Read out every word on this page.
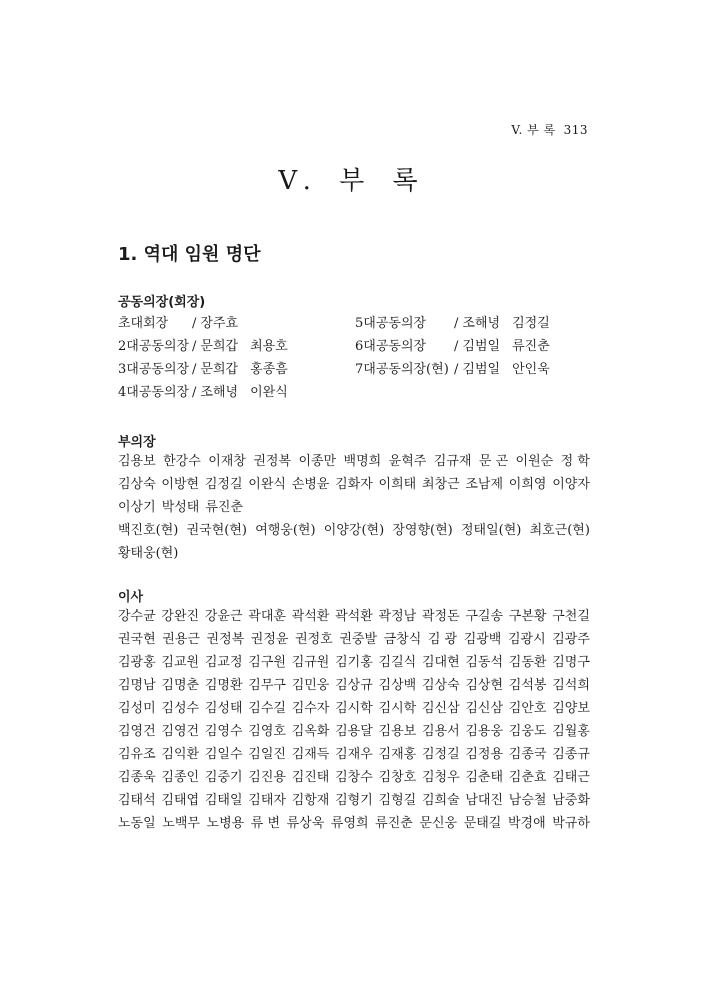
V. 부 록 313
V. 부 록
1. 역대 임원 명단
공동의장(회장)
초대회장 / 장주효
2대공동의장 / 문희갑 최용호
3대공동의장 / 문희갑 홍종흠
4대공동의장 / 조해녕 이완식
5대공동의장 / 조해녕 김정길
6대공동의장 / 김범일 류진춘
7대공동의장(현) / 김범일 안인욱
부의장
김용보 한강수 이재창 권정복 이종만 백명희 윤혁주 김규재 문 곤 이원순 정 학
김상숙 이방현 김정길 이완식 손병윤 김화자 이희태 최창근 조남제 이희영 이양자
이상기 박성태 류진춘
백진호(현) 권국현(현) 여행웅(현) 이양강(현) 장영향(현) 정태일(현) 최호근(현)
황태웅(현)
이사
강수균 강완진 강윤근 곽대훈 곽석환 곽석환 곽정남 곽정돈 구길송 구본황 구천길
권국현 권용근 권정복 권정윤 권정호 권중발 금창식 김 광 김광백 김광시 김광주
김광홍 김교원 김교정 김구원 김규원 김기홍 김길식 김대현 김동석 김동환 김명구
김명남 김명춘 김명환 김무구 김민웅 김상규 김상백 김상숙 김상현 김석봉 김석희
김성미 김성수 김성태 김수길 김수자 김시학 김시학 김신삼 김신삼 김안호 김양보
김영건 김영건 김영수 김영호 김옥화 김용달 김용보 김용서 김용웅 김웅도 김월홍
김유조 김익환 김일수 김일진 김재득 김재우 김재홍 김정길 김정용 김종국 김종규
김종욱 김종인 김중기 김진용 김진태 김창수 김창호 김청우 김춘태 김춘효 김태근
김태석 김태엽 김태일 김태자 김항재 김형기 김형길 김희술 남대진 남승철 남중화
노동일 노백무 노병용 류 변 류상욱 류영희 류진춘 문신웅 문태길 박경애 박규하
